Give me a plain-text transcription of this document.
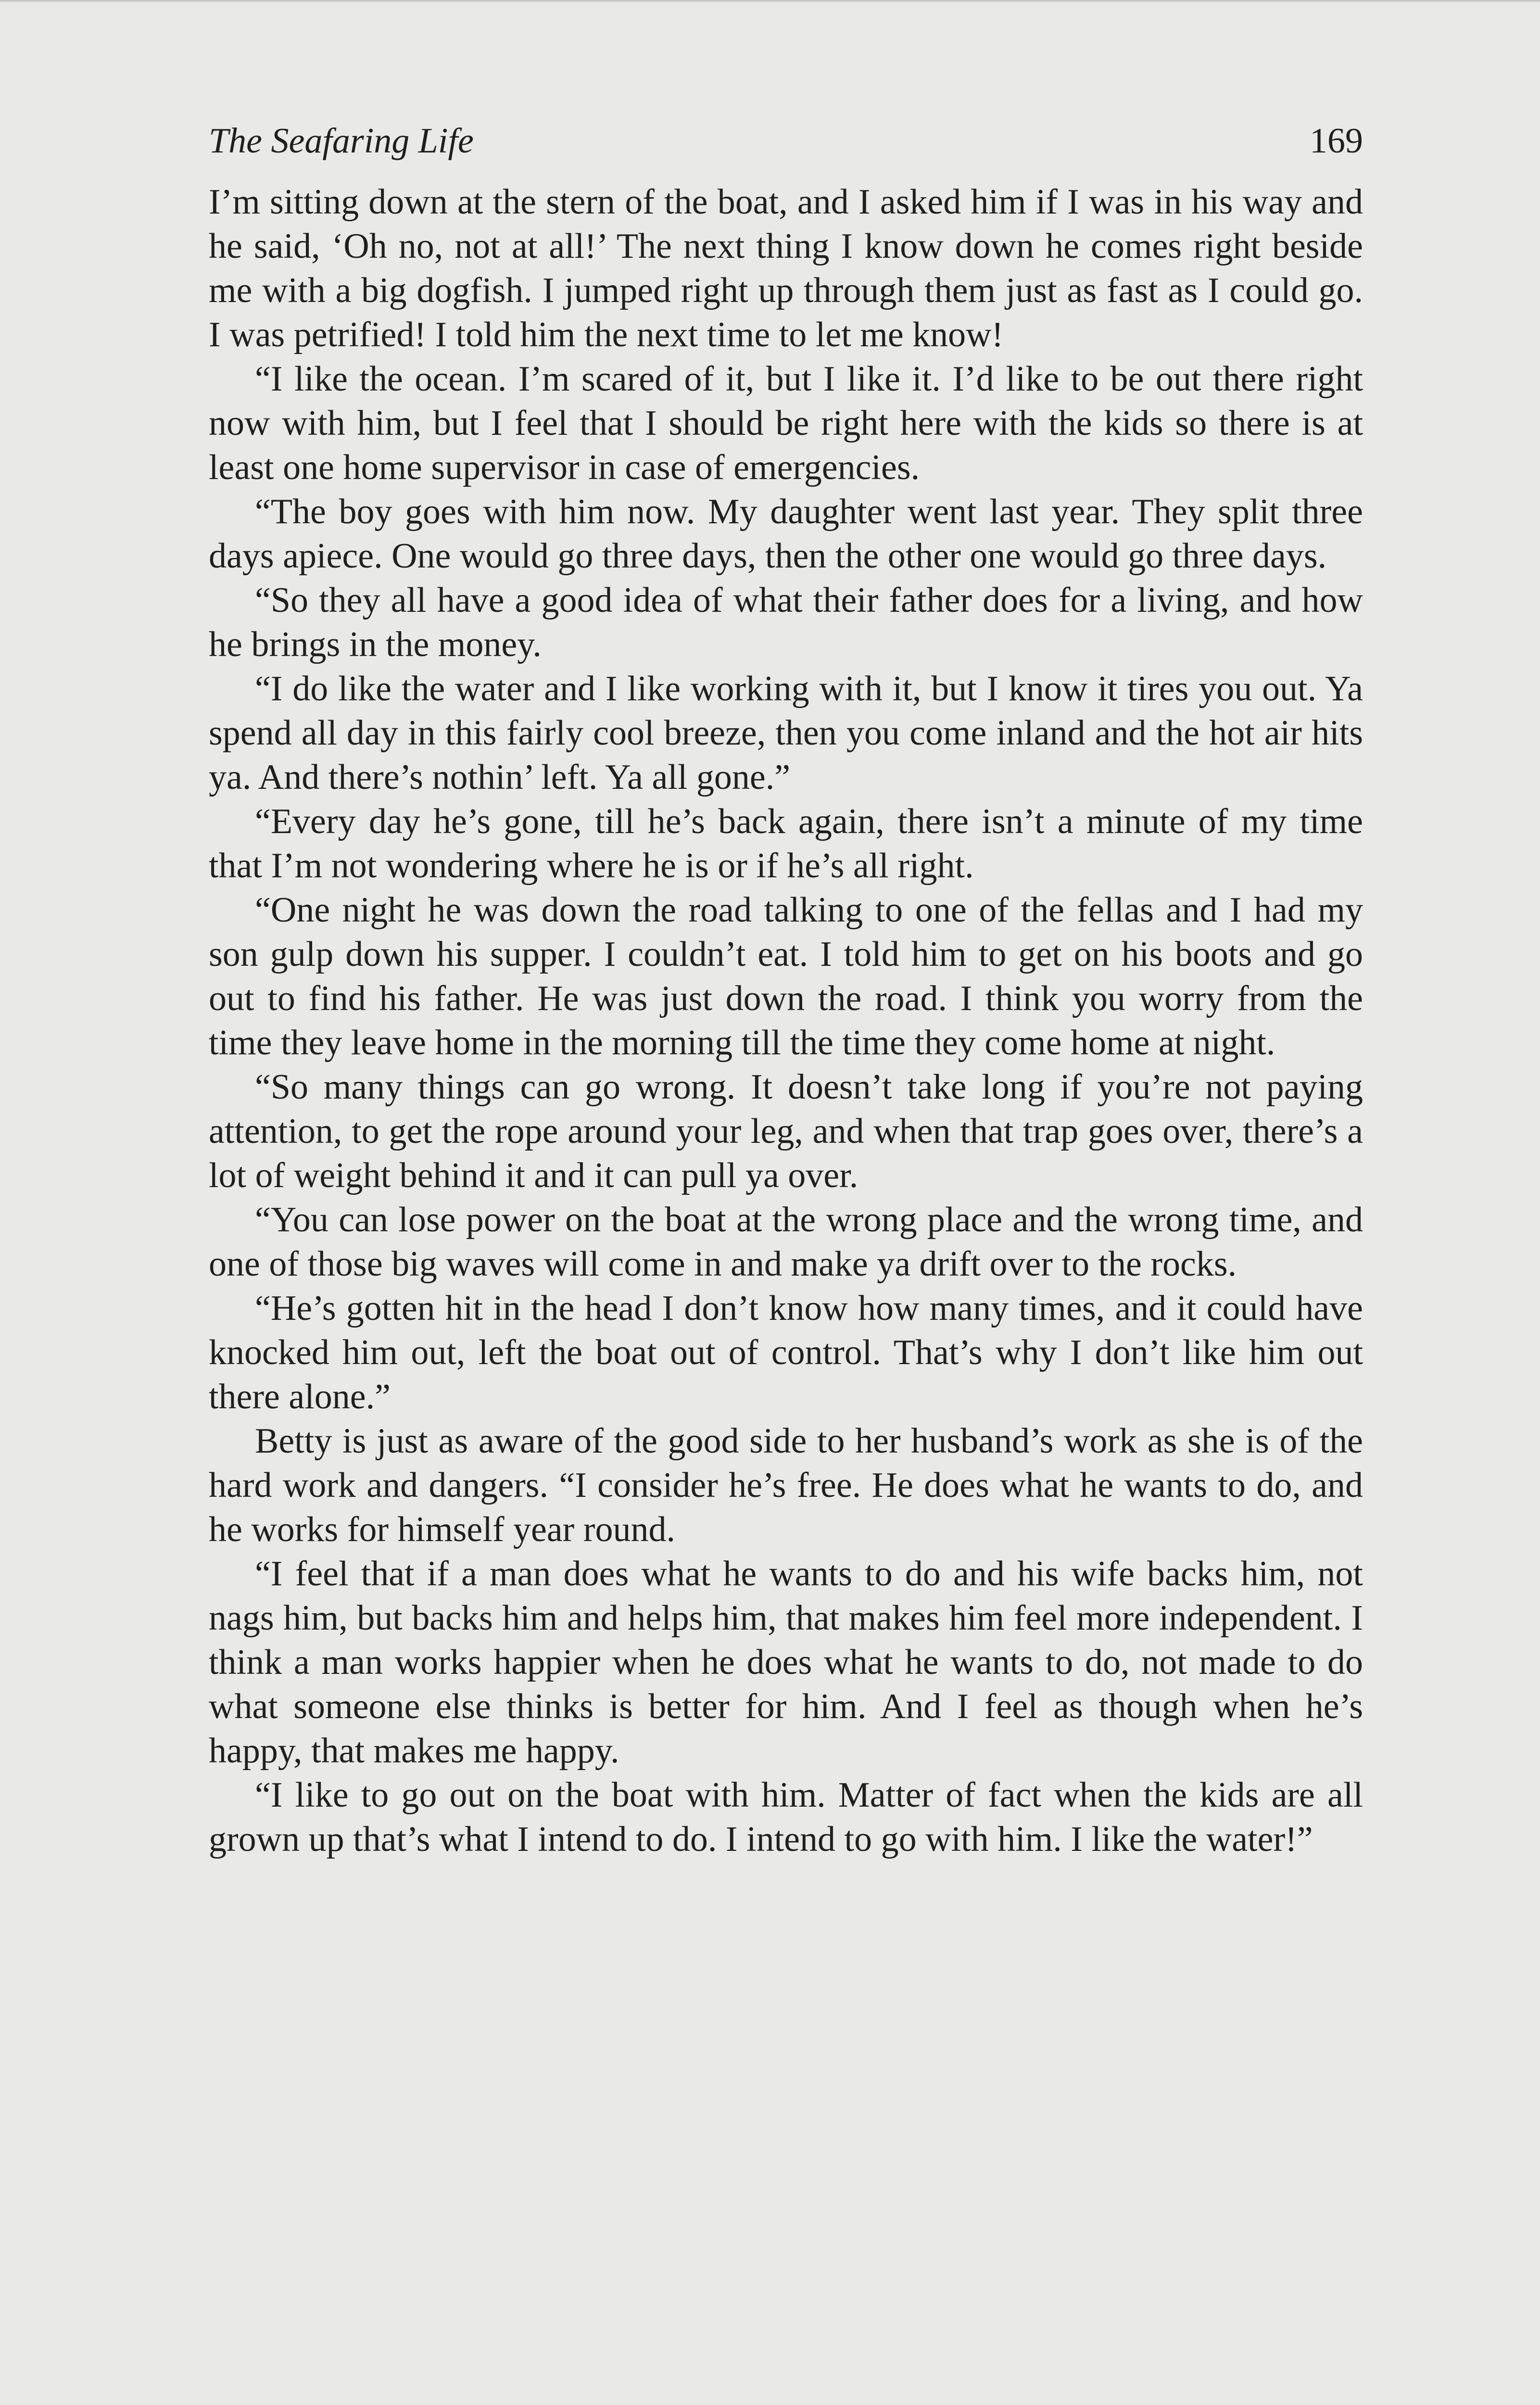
The Seafaring Life	169

I’m sitting down at the stern of the boat, and I asked him if I was in his way and he said, ‘Oh no, not at all!’ The next thing I know down he comes right beside me with a big dogfish. I jumped right up through them just as fast as I could go. I was petrified! I told him the next time to let me know!

“I like the ocean. I’m scared of it, but I like it. I’d like to be out there right now with him, but I feel that I should be right here with the kids so there is at least one home supervisor in case of emergencies.

“The boy goes with him now. My daughter went last year. They split three days apiece. One would go three days, then the other one would go three days.

“So they all have a good idea of what their father does for a living, and how he brings in the money.

“I do like the water and I like working with it, but I know it tires you out. Ya spend all day in this fairly cool breeze, then you come inland and the hot air hits ya. And there’s nothin’ left. Ya all gone.”

“Every day he’s gone, till he’s back again, there isn’t a minute of my time that I’m not wondering where he is or if he’s all right.

“One night he was down the road talking to one of the fellas and I had my son gulp down his supper. I couldn’t eat. I told him to get on his boots and go out to find his father. He was just down the road. I think you worry from the time they leave home in the morning till the time they come home at night.

“So many things can go wrong. It doesn’t take long if you’re not paying attention, to get the rope around your leg, and when that trap goes over, there’s a lot of weight behind it and it can pull ya over.

“You can lose power on the boat at the wrong place and the wrong time, and one of those big waves will come in and make ya drift over to the rocks.

“He’s gotten hit in the head I don’t know how many times, and it could have knocked him out, left the boat out of control. That’s why I don’t like him out there alone.”

Betty is just as aware of the good side to her husband’s work as she is of the hard work and dangers. “I consider he’s free. He does what he wants to do, and he works for himself year round.

“I feel that if a man does what he wants to do and his wife backs him, not nags him, but backs him and helps him, that makes him feel more independent. I think a man works happier when he does what he wants to do, not made to do what someone else thinks is better for him. And I feel as though when he’s happy, that makes me happy.

“I like to go out on the boat with him. Matter of fact when the kids are all grown up that’s what I intend to do. I intend to go with him. I like the water!”
